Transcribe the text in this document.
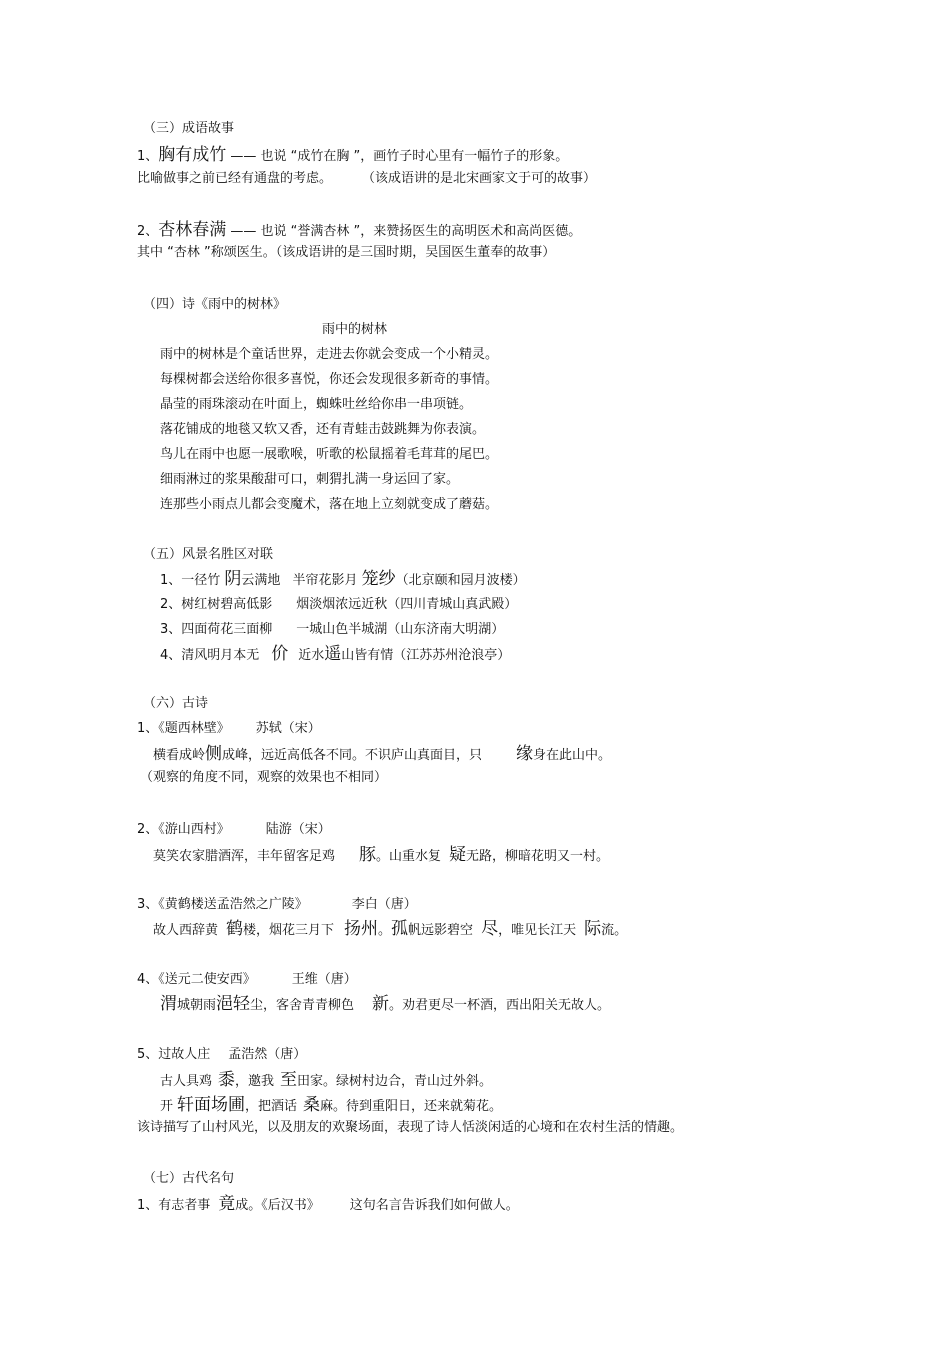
（三）成语故事
1、胸有成竹 —— 也说 “成竹在胸 ”，画竹子时心里有一幅竹子的形象。
比喻做事之前已经有通盘的考虑。 （该成语讲的是北宋画家文于可的故事）
2、杏林春满 —— 也说 “誉满杏林 ”，来赞扬医生的高明医术和高尚医德。
其中 “杏林 ”称颂医生。（该成语讲的是三国时期，吴国医生董奉的故事）
（四）诗《雨中的树林》
雨中的树林
雨中的树林是个童话世界，走进去你就会变成一个小精灵。
每棵树都会送给你很多喜悦，你还会发现很多新奇的事情。
晶莹的雨珠滚动在叶面上，蜘蛛吐丝给你串一串项链。
落花铺成的地毯又软又香，还有青蛙击鼓跳舞为你表演。
鸟儿在雨中也愿一展歌喉，听歌的松鼠摇着毛茸茸的尾巴。
细雨淋过的浆果酸甜可口，刺猬扎满一身运回了家。
连那些小雨点儿都会变魔术，落在地上立刻就变成了蘑菇。
（五）风景名胜区对联
1、一径竹 阴云满地 半帘花影月 笼纱（北京颐和园月波楼）
2、树红树碧高低影 烟淡烟浓远近秋（四川青城山真武殿）
3、四面荷花三面柳 一城山色半城湖（山东济南大明湖）
4、清风明月本无 价 近水遥山皆有情（江苏苏州沧浪亭）
（六）古诗
1、《题西林壁》 苏轼（宋）
横看成岭侧成峰，远近高低各不同。不识庐山真面目，只 缘身在此山中。
（观察的角度不同，观察的效果也不相同）
2、《游山西村》	陆游（宋）
莫笑农家腊酒浑，丰年留客足鸡 豚。山重水复 疑无路，柳暗花明又一村。
3、《黄鹤楼送孟浩然之广陵》	李白（唐）
故人西辞黄 鹤楼，烟花三月下 扬州。孤帆远影碧空 尽，唯见长江天 际流。
4、《送元二使安西》	王维（唐）
渭城朝雨浥轻尘，客舍青青柳色 新。劝君更尽一杯酒，西出阳关无故人。
5、过故人庄 孟浩然（唐）
古人具鸡 黍，邀我 至田家。绿树村边合，青山过外斜。
开 轩面场圃，把酒话 桑麻。待到重阳日，还来就菊花。
该诗描写了山村风光，以及朋友的欢聚场面，表现了诗人恬淡闲适的心境和在农村生活的情趣。
（七）古代名句
1、有志者事 竟成。《后汉书》 这句名言告诉我们如何做人。
